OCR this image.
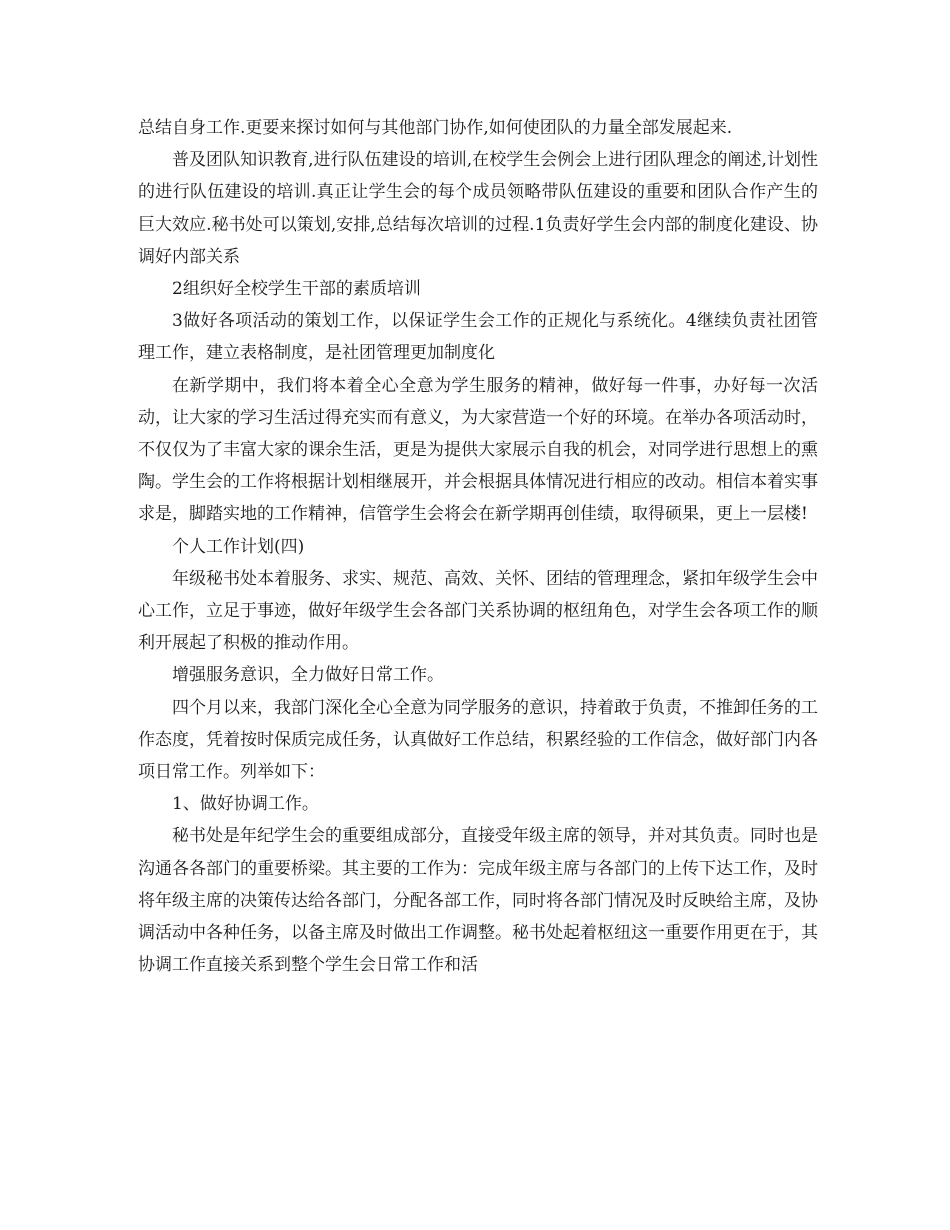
总结自身工作.更要来探讨如何与其他部门协作,如何使团队的力量全部发展起来.

普及团队知识教育,进行队伍建设的培训,在校学生会例会上进行团队理念的阐述,计划性的进行队伍建设的培训.真正让学生会的每个成员领略带队伍建设的重要和团队合作产生的巨大效应.秘书处可以策划,安排,总结每次培训的过程.1负责好学生会内部的制度化建设、协调好内部关系

2组织好全校学生干部的素质培训

3做好各项活动的策划工作，以保证学生会工作的正规化与系统化。4继续负责社团管理工作，建立表格制度，是社团管理更加制度化

在新学期中，我们将本着全心全意为学生服务的精神，做好每一件事，办好每一次活动，让大家的学习生活过得充实而有意义，为大家营造一个好的环境。在举办各项活动时，不仅仅为了丰富大家的课余生活，更是为提供大家展示自我的机会，对同学进行思想上的熏陶。学生会的工作将根据计划相继展开，并会根据具体情况进行相应的改动。相信本着实事求是，脚踏实地的工作精神，信管学生会将会在新学期再创佳绩，取得硕果，更上一层楼!

个人工作计划(四)

年级秘书处本着服务、求实、规范、高效、关怀、团结的管理理念，紧扣年级学生会中心工作，立足于事迹，做好年级学生会各部门关系协调的枢纽角色，对学生会各项工作的顺利开展起了积极的推动作用。

增强服务意识，全力做好日常工作。

四个月以来，我部门深化全心全意为同学服务的意识，持着敢于负责，不推卸任务的工作态度，凭着按时保质完成任务，认真做好工作总结，积累经验的工作信念，做好部门内各项日常工作。列举如下：

1、做好协调工作。

秘书处是年纪学生会的重要组成部分，直接受年级主席的领导，并对其负责。同时也是沟通各各部门的重要桥梁。其主要的工作为：完成年级主席与各部门的上传下达工作，及时将年级主席的决策传达给各部门，分配各部工作，同时将各部门情况及时反映给主席，及协调活动中各种任务，以备主席及时做出工作调整。秘书处起着枢纽这一重要作用更在于，其协调工作直接关系到整个学生会日常工作和活
